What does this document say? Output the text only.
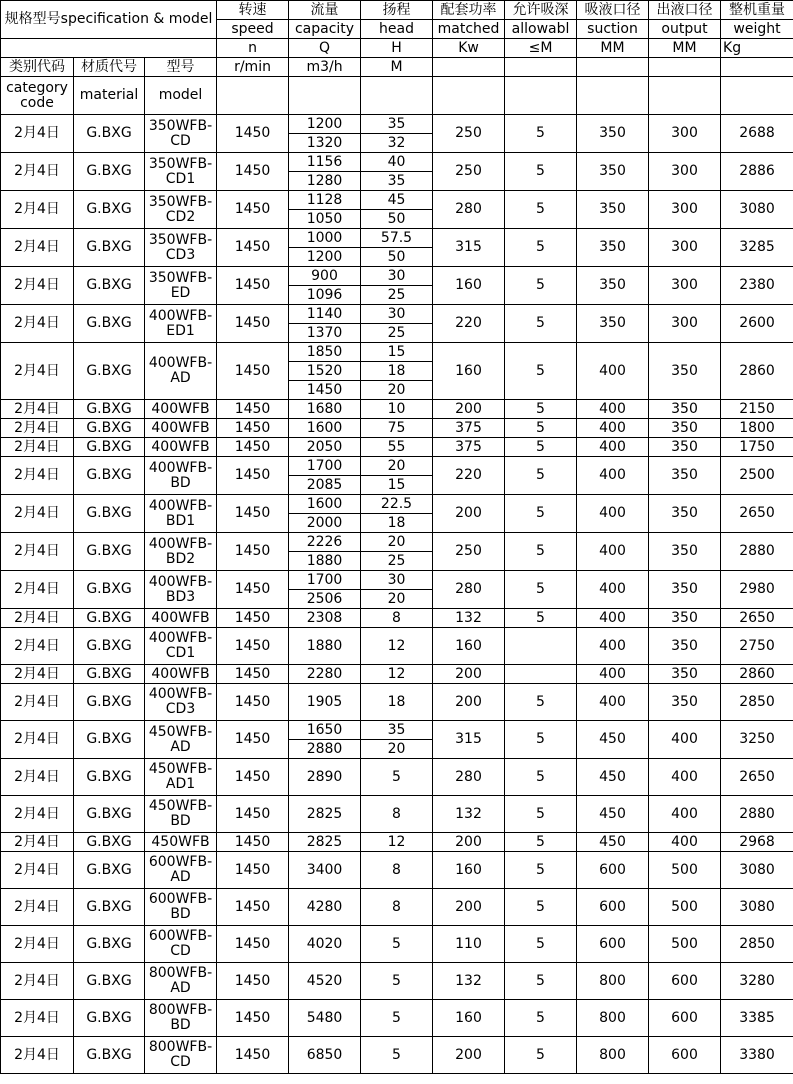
规格型号specification & model			转速	流量	扬程	配套功率	允许吸深	吸液口径	出液口径	整机重量
			speed	capacity	head	matched	allowabl	suction	output	weight
			n	Q	H	Kw	≤M	MM	MM	Kg
类别代码	材质代号	型号	r/min	m3/h	M					
category code	material	model								
2月4日	G.BXG	350WFB-CD	1450	1200	35	250	5	350	300	2688
				1320	32					
2月4日	G.BXG	350WFB-CD1	1450	1156	40	250	5	350	300	2886
				1280	35					
2月4日	G.BXG	350WFB-CD2	1450	1128	45	280	5	350	300	3080
				1050	50					
2月4日	G.BXG	350WFB-CD3	1450	1000	57.5	315	5	350	300	3285
				1200	50					
2月4日	G.BXG	350WFB-ED	1450	900	30	160	5	350	300	2380
				1096	25					
2月4日	G.BXG	400WFB-ED1	1450	1140	30	220	5	350	300	2600
				1370	25					
2月4日	G.BXG	400WFB-AD	1450	1850	15	160	5	400	350	2860
				1520	18					
				1450	20					
2月4日	G.BXG	400WFB	1450	1680	10	200	5	400	350	2150
2月4日	G.BXG	400WFB	1450	1600	75	375	5	400	350	1800
2月4日	G.BXG	400WFB	1450	2050	55	375	5	400	350	1750
2月4日	G.BXG	400WFB-BD	1450	1700	20	220	5	400	350	2500
				2085	15					
2月4日	G.BXG	400WFB-BD1	1450	1600	22.5	200	5	400	350	2650
				2000	18					
2月4日	G.BXG	400WFB-BD2	1450	2226	20	250	5	400	350	2880
				1880	25					
2月4日	G.BXG	400WFB-BD3	1450	1700	30	280	5	400	350	2980
				2506	20					
2月4日	G.BXG	400WFB	1450	2308	8	132	5	400	350	2650
2月4日	G.BXG	400WFB-CD1	1450	1880	12	160		400	350	2750
2月4日	G.BXG	400WFB	1450	2280	12	200		400	350	2860
2月4日	G.BXG	400WFB-CD3	1450	1905	18	200	5	400	350	2850
2月4日	G.BXG	450WFB-AD	1450	1650	35	315	5	450	400	3250
				2880	20					
2月4日	G.BXG	450WFB-AD1	1450	2890	5	280	5	450	400	2650
2月4日	G.BXG	450WFB-BD	1450	2825	8	132	5	450	400	2880
2月4日	G.BXG	450WFB	1450	2825	12	200	5	450	400	2968
2月4日	G.BXG	600WFB-AD	1450	3400	8	160	5	600	500	3080
2月4日	G.BXG	600WFB-BD	1450	4280	8	200	5	600	500	3080
2月4日	G.BXG	600WFB-CD	1450	4020	5	110	5	600	500	2850
2月4日	G.BXG	800WFB-AD	1450	4520	5	132	5	800	600	3280
2月4日	G.BXG	800WFB-BD	1450	5480	5	160	5	800	600	3385
2月4日	G.BXG	800WFB-CD	1450	6850	5	200	5	800	600	3380
